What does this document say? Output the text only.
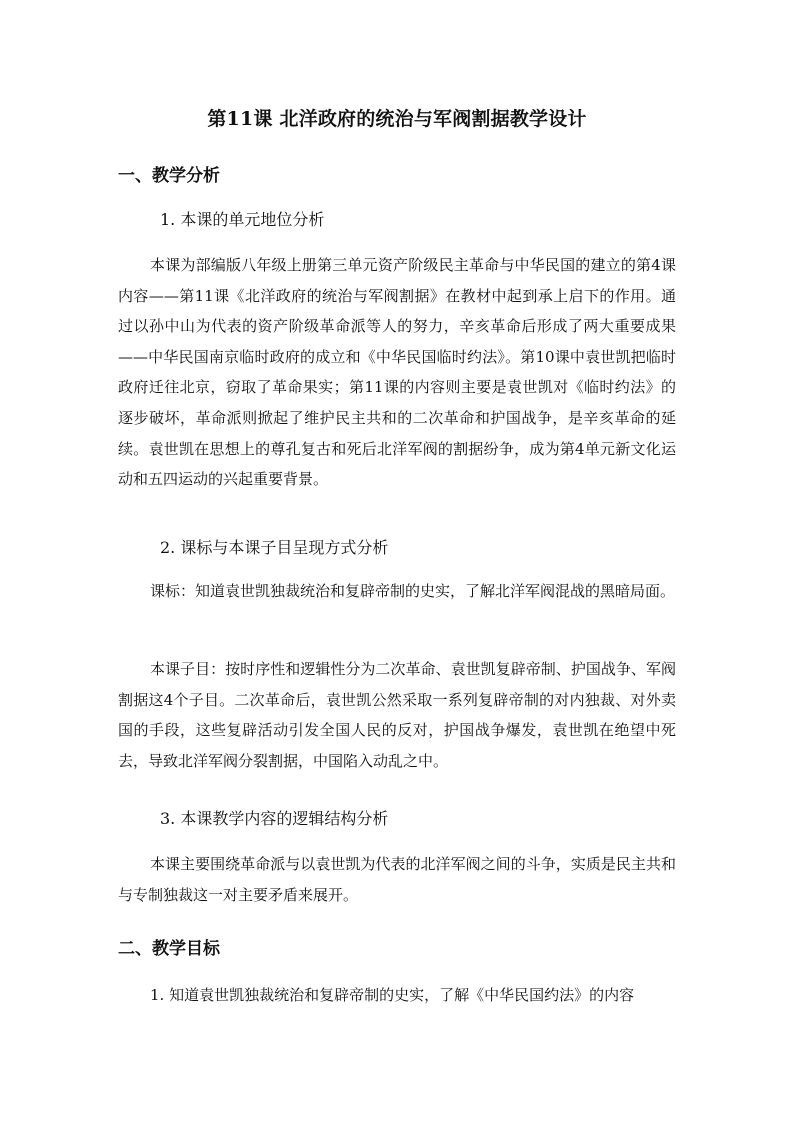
第11课 北洋政府的统治与军阀割据教学设计
一、教学分析
1. 本课的单元地位分析
本课为部编版八年级上册第三单元资产阶级民主革命与中华民国的建立的第4课内容——第11课《北洋政府的统治与军阀割据》在教材中起到承上启下的作用。通过以孙中山为代表的资产阶级革命派等人的努力，辛亥革命后形成了两大重要成果——中华民国南京临时政府的成立和《中华民国临时约法》。第10课中袁世凯把临时政府迁往北京，窃取了革命果实；第11课的内容则主要是袁世凯对《临时约法》的逐步破坏，革命派则掀起了维护民主共和的二次革命和护国战争，是辛亥革命的延续。袁世凯在思想上的尊孔复古和死后北洋军阀的割据纷争，成为第4单元新文化运动和五四运动的兴起重要背景。
2. 课标与本课子目呈现方式分析
课标：知道袁世凯独裁统治和复辟帝制的史实，了解北洋军阀混战的黑暗局面。
本课子目：按时序性和逻辑性分为二次革命、袁世凯复辟帝制、护国战争、军阀割据这4个子目。二次革命后，袁世凯公然采取一系列复辟帝制的对内独裁、对外卖国的手段，这些复辟活动引发全国人民的反对，护国战争爆发，袁世凯在绝望中死去，导致北洋军阀分裂割据，中国陷入动乱之中。
3. 本课教学内容的逻辑结构分析
本课主要围绕革命派与以袁世凯为代表的北洋军阀之间的斗争，实质是民主共和与专制独裁这一对主要矛盾来展开。
二、教学目标
1. 知道袁世凯独裁统治和复辟帝制的史实，了解《中华民国约法》的内容
